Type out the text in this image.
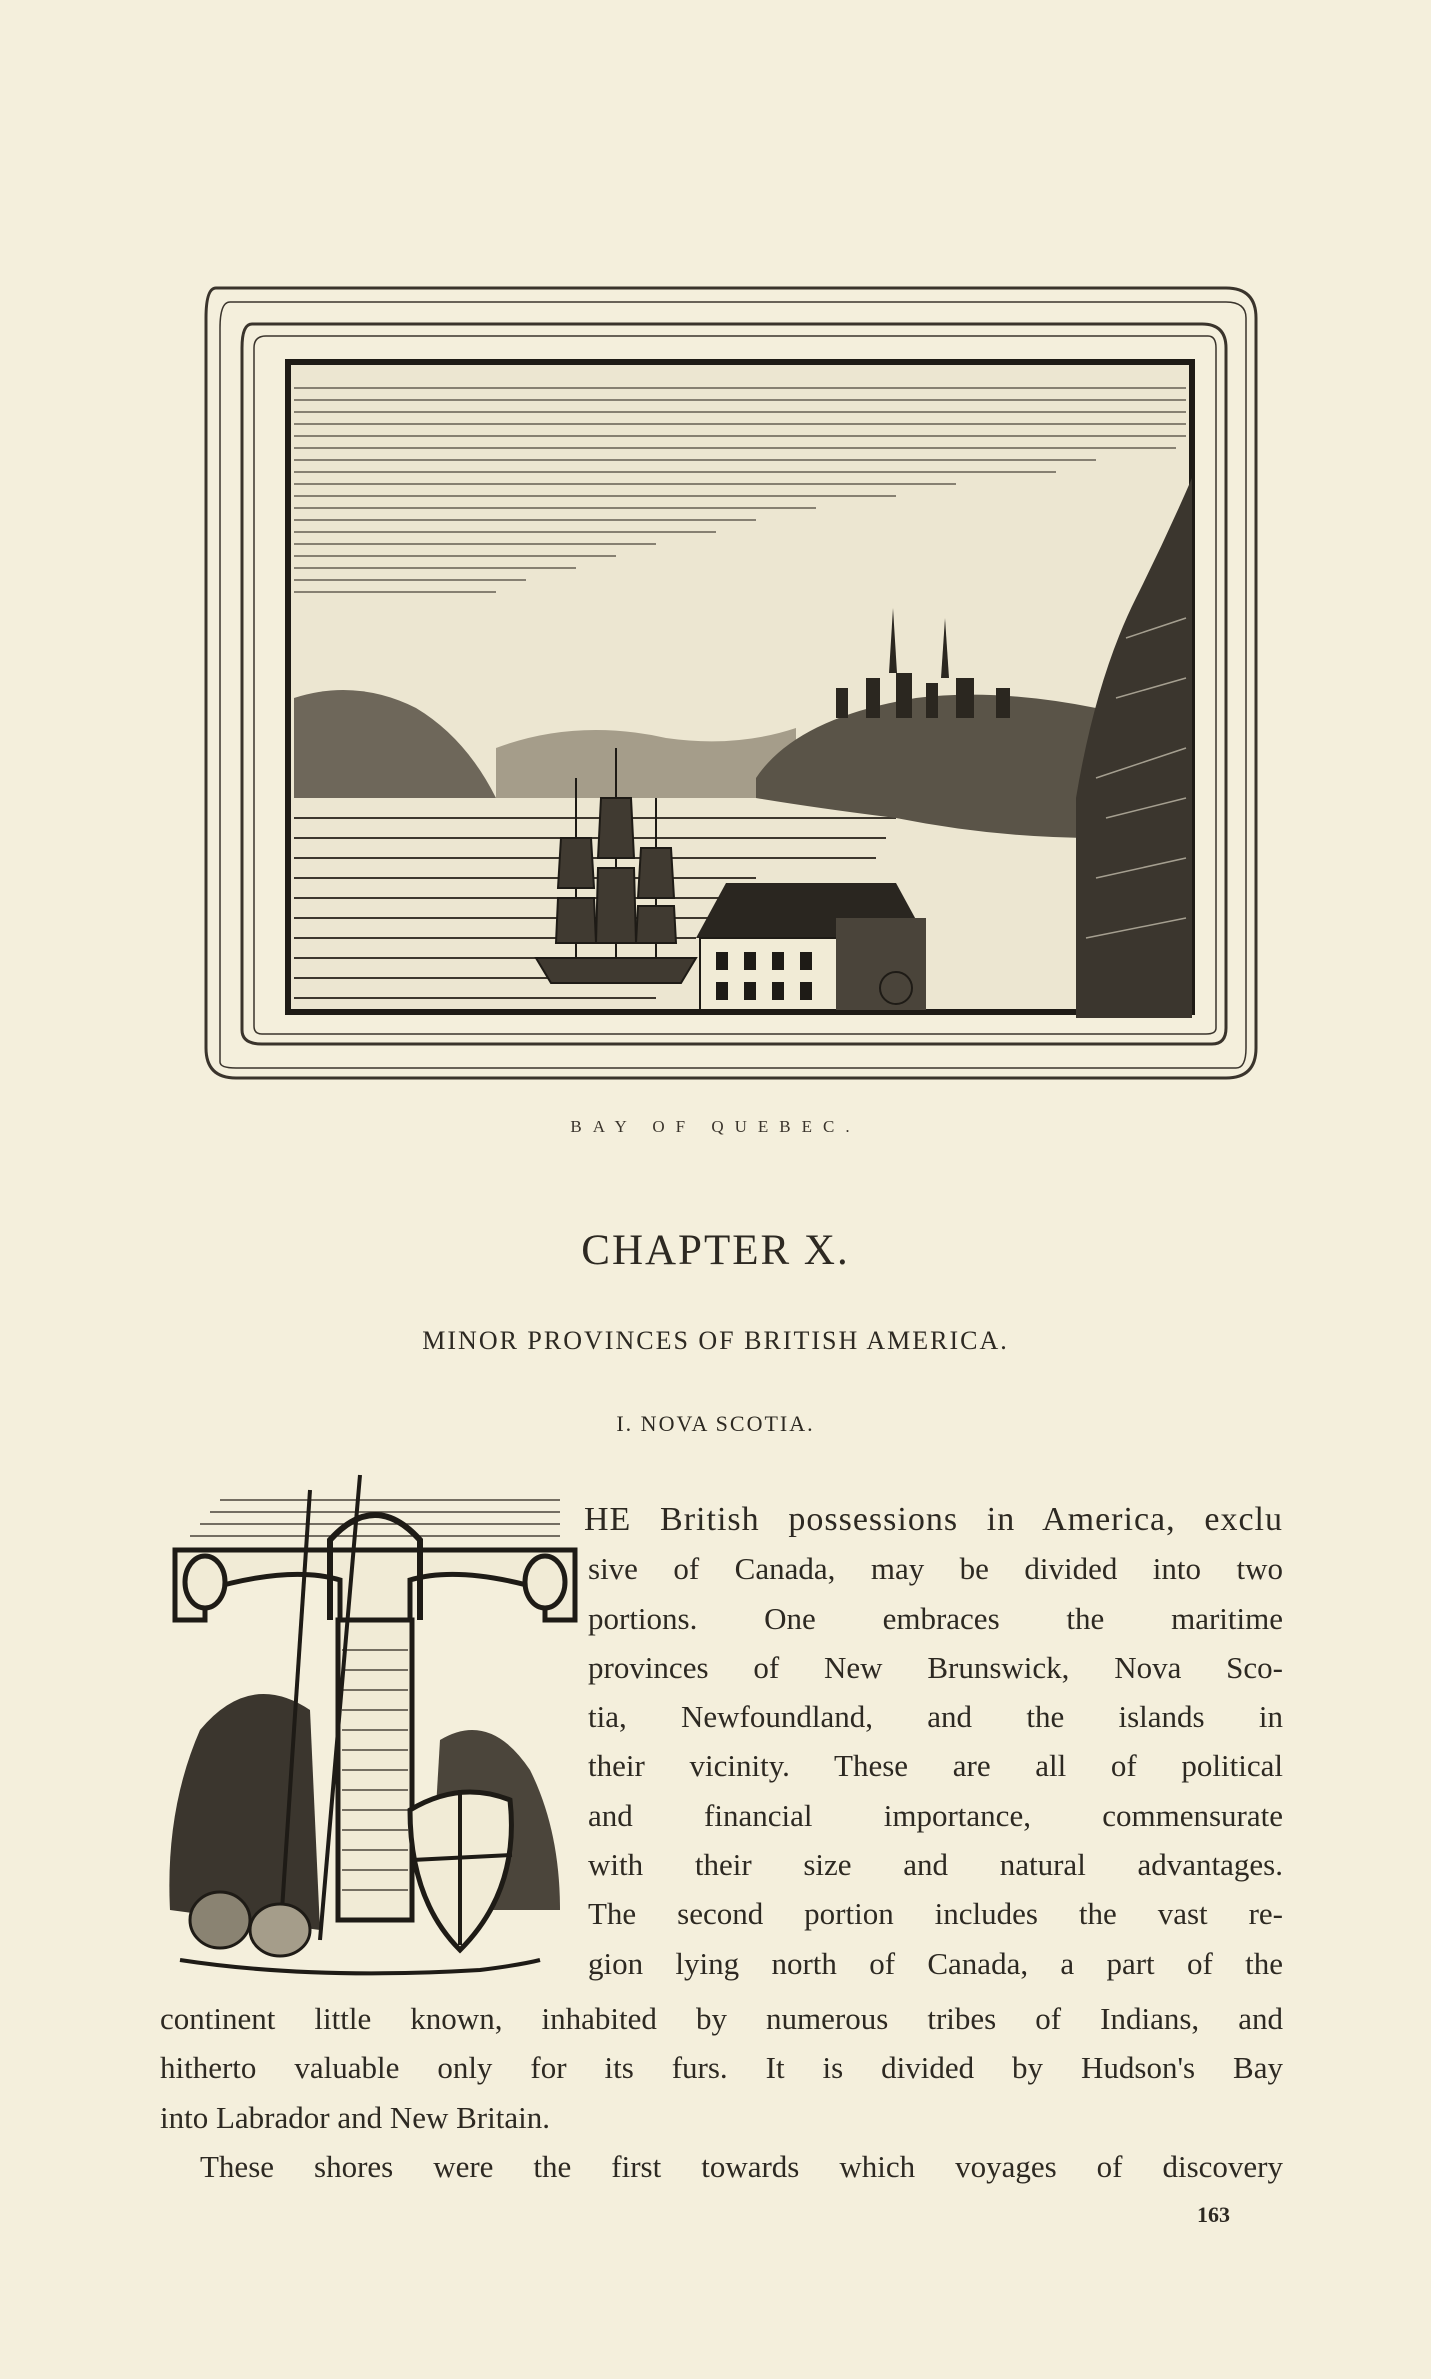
BAY OF QUEBEC.
CHAPTER X.
MINOR PROVINCES OF BRITISH AMERICA.
I. NOVA SCOTIA.
HE British possessions in America, exclu
sive of Canada, may be divided into two
portions. One embraces the maritime
provinces of New Brunswick, Nova Sco-
tia, Newfoundland, and the islands in
their vicinity. These are all of political
and financial importance, commensurate
with their size and natural advantages.
The second portion includes the vast re-
gion lying north of Canada, a part of the
continent little known, inhabited by numerous tribes of Indians, and
hitherto valuable only for its furs. It is divided by Hudson's Bay
into Labrador and New Britain.
These shores were the first towards which voyages of discovery
163
